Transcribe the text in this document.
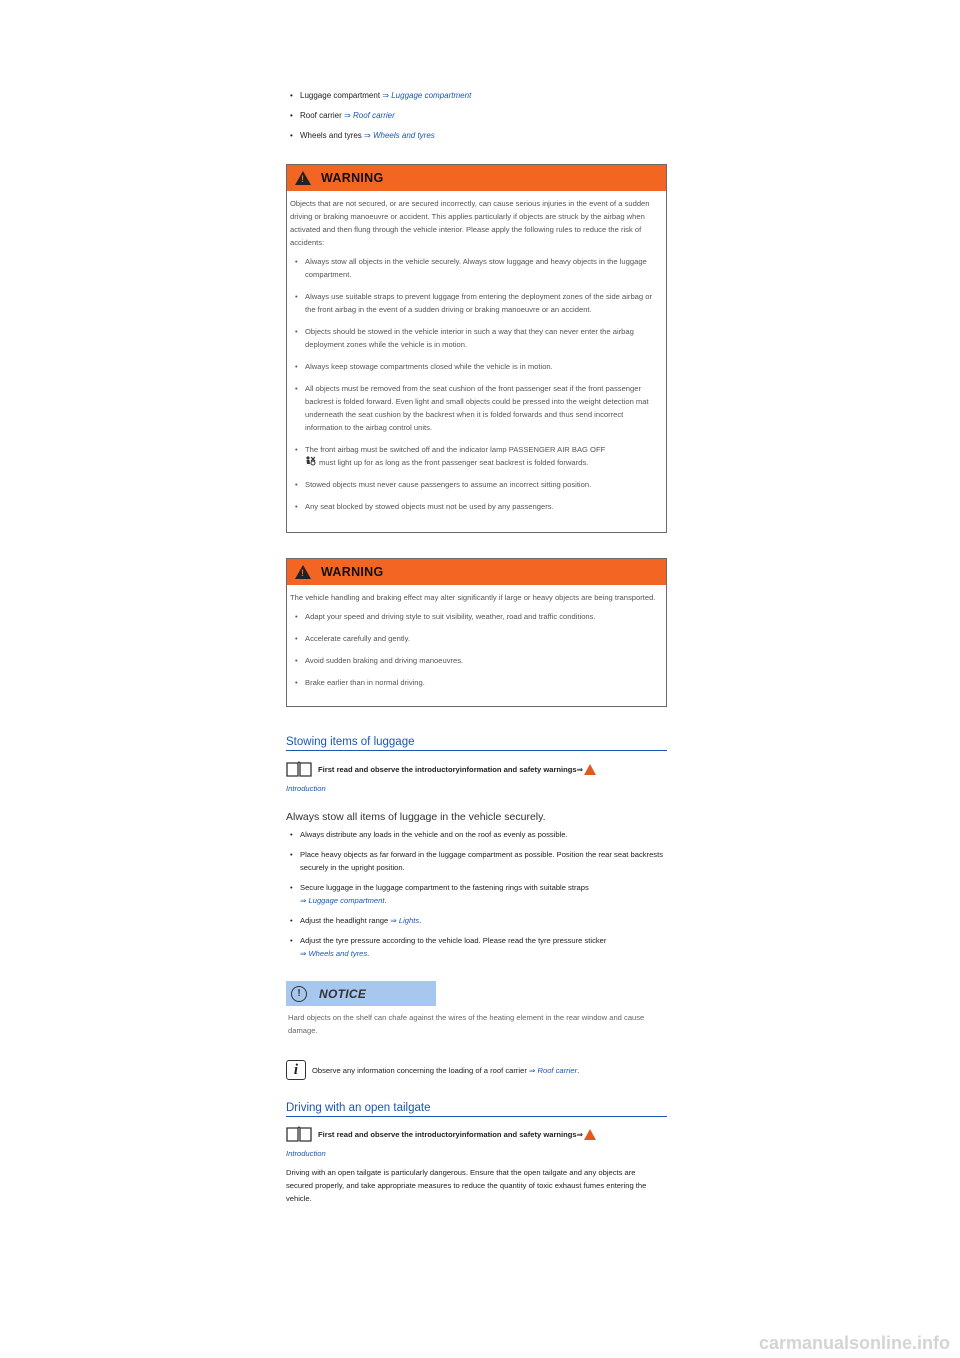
• Luggage compartment ⇒ Luggage compartment
• Roof carrier ⇒ Roof carrier
• Wheels and tyres ⇒ Wheels and tyres
!
WARNING

Objects that are not secured, or are secured incorrectly, can cause serious injuries in the event of a sudden driving or braking manoeuvre or accident. This applies particularly if objects are struck by the airbag when activated and then flung through the vehicle interior. Please apply the following rules to reduce the risk of accidents:

• Always stow all objects in the vehicle securely. Always stow luggage and heavy objects in the luggage compartment.
• Always use suitable straps to prevent luggage from entering the deployment zones of the side airbag or the front airbag in the event of a sudden driving or braking manoeuvre or an accident.
• Objects should be stowed in the vehicle interior in such a way that they can never enter the airbag deployment zones while the vehicle is in motion.
• Always keep stowage compartments closed while the vehicle is in motion.
• All objects must be removed from the seat cushion of the front passenger seat if the front passenger backrest is folded forward. Even light and small objects could be pressed into the weight detection mat underneath the seat cushion by the backrest when it is folded forwards and thus send incorrect information to the airbag control units.
• The front airbag must be switched off and the indicator lamp PASSENGER AIR BAG OFF
must light up for as long as the front passenger seat backrest is folded forwards.
• Stowed objects must never cause passengers to assume an incorrect sitting position.
• Any seat blocked by stowed objects must not be used by any passengers.
!
WARNING

The vehicle handling and braking effect may alter significantly if large or heavy objects are being transported.

• Adapt your speed and driving style to suit visibility, weather, road and traffic conditions.
• Accelerate carefully and gently.
• Avoid sudden braking and driving manoeuvres.
• Brake earlier than in normal driving.
Stowing items of luggage
First read and observe the introductoryinformation and safety warnings⇒
Introduction
Always stow all items of luggage in the vehicle securely.
• Always distribute any loads in the vehicle and on the roof as evenly as possible.
• Place heavy objects as far forward in the luggage compartment as possible. Position the rear seat backrests securely in the upright position.
• Secure luggage in the luggage compartment to the fastening rings with suitable straps
⇒ Luggage compartment.
• Adjust the headlight range ⇒ Lights.
• Adjust the tyre pressure according to the vehicle load. Please read the tyre pressure sticker
⇒ Wheels and tyres.
!	NOTICE
Hard objects on the shelf can chafe against the wires of the heating element in the rear window and cause damage.
i	Observe any information concerning the loading of a roof carrier
⇒
Roof carrier .
Driving with an open tailgate
First read and observe the introductoryinformation and safety warnings⇒
Introduction
Driving with an open tailgate is particularly dangerous. Ensure that the open tailgate and any objects are secured properly, and take appropriate measures to reduce the quantity of toxic exhaust fumes entering the vehicle.
carmanualsonline.info
